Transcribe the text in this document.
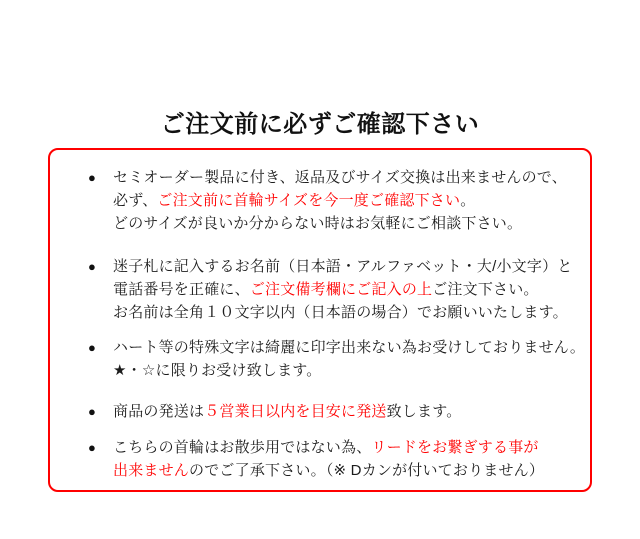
ご注文前に必ずご確認下さい
●	セミオーダー製品に付き、返品及びサイズ交換は出来ませんので、
必ず、ご注文前に首輪サイズを今一度ご確認下さい。
どのサイズが良いか分からない時はお気軽にご相談下さい。
●	迷子札に記入するお名前（日本語・アルファベット・大/小文字）と
電話番号を正確に、ご注文備考欄にご記入の上ご注文下さい。
お名前は全角１０文字以内（日本語の場合）でお願いいたします。
●	ハート等の特殊文字は綺麗に印字出来ない為お受けしておりません。
★・☆に限りお受け致します。
●	商品の発送は５営業日以内を目安に発送致します。
●	こちらの首輪はお散歩用ではない為、リードをお繋ぎする事が
出来ませんのでご了承下さい。（※ Dカンが付いておりません）
